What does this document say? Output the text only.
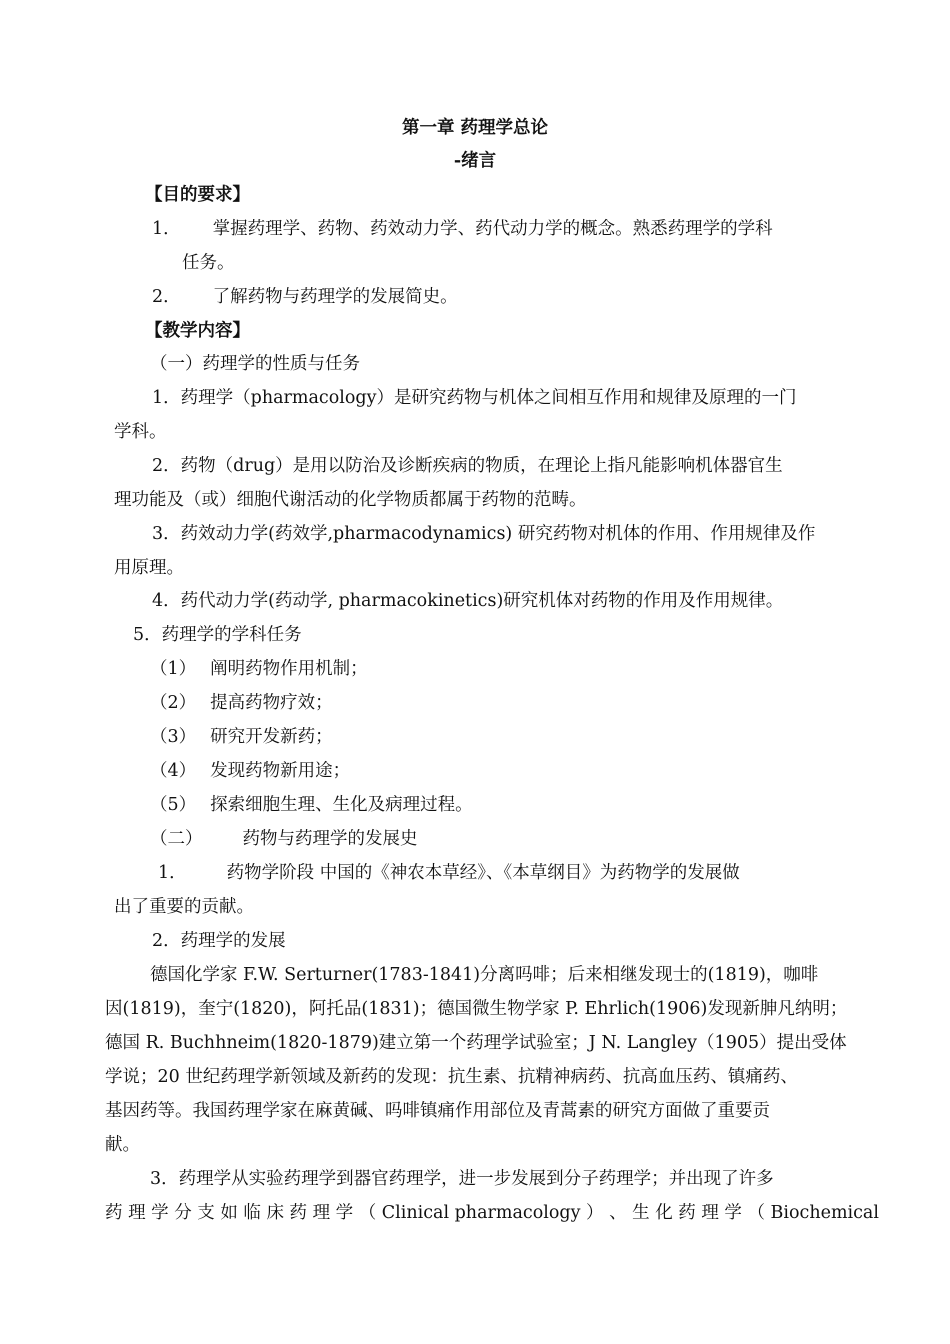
第一章 药理学总论
-绪言
【目的要求】
1． 掌握药理学、药物、药效动力学、药代动力学的概念。熟悉药理学的学科
任务。
2． 了解药物与药理学的发展简史。
【教学内容】
（一）药理学的性质与任务
1．药理学（pharmacology）是研究药物与机体之间相互作用和规律及原理的一门
学科。
2．药物（drug）是用以防治及诊断疾病的物质，在理论上指凡能影响机体器官生
理功能及（或）细胞代谢活动的化学物质都属于药物的范畴。
3．药效动力学(药效学,pharmacodynamics) 研究药物对机体的作用、作用规律及作
用原理。
4．药代动力学(药动学, pharmacokinetics)研究机体对药物的作用及作用规律。
5．药理学的学科任务
（1） 阐明药物作用机制；
（2） 提高药物疗效；
（3） 研究开发新药；
（4） 发现药物新用途；
（5） 探索细胞生理、生化及病理过程。
（二） 药物与药理学的发展史
1． 药物学阶段 中国的《神农本草经》、《本草纲目》为药物学的发展做
出了重要的贡献。
2．药理学的发展
德国化学家 F.W. Serturner(1783-1841)分离吗啡；后来相继发现士的(1819)，咖啡
因(1819)，奎宁(1820)，阿托品(1831)；德国微生物学家 P. Ehrlich(1906)发现新胂凡纳明；
德国 R. Buchhneim(1820-1879)建立第一个药理学试验室；J N. Langley（1905）提出受体
学说；20 世纪药理学新领域及新药的发现：抗生素、抗精神病药、抗高血压药、镇痛药、
基因药等。我国药理学家在麻黄碱、吗啡镇痛作用部位及青蒿素的研究方面做了重要贡
献。
3．药理学从实验药理学到器官药理学，进一步发展到分子药理学；并出现了许多
药 理 学 分 支 如 临 床 药 理 学 （ Clinical pharmacology ） 、 生 化 药 理 学 （ Biochemical
